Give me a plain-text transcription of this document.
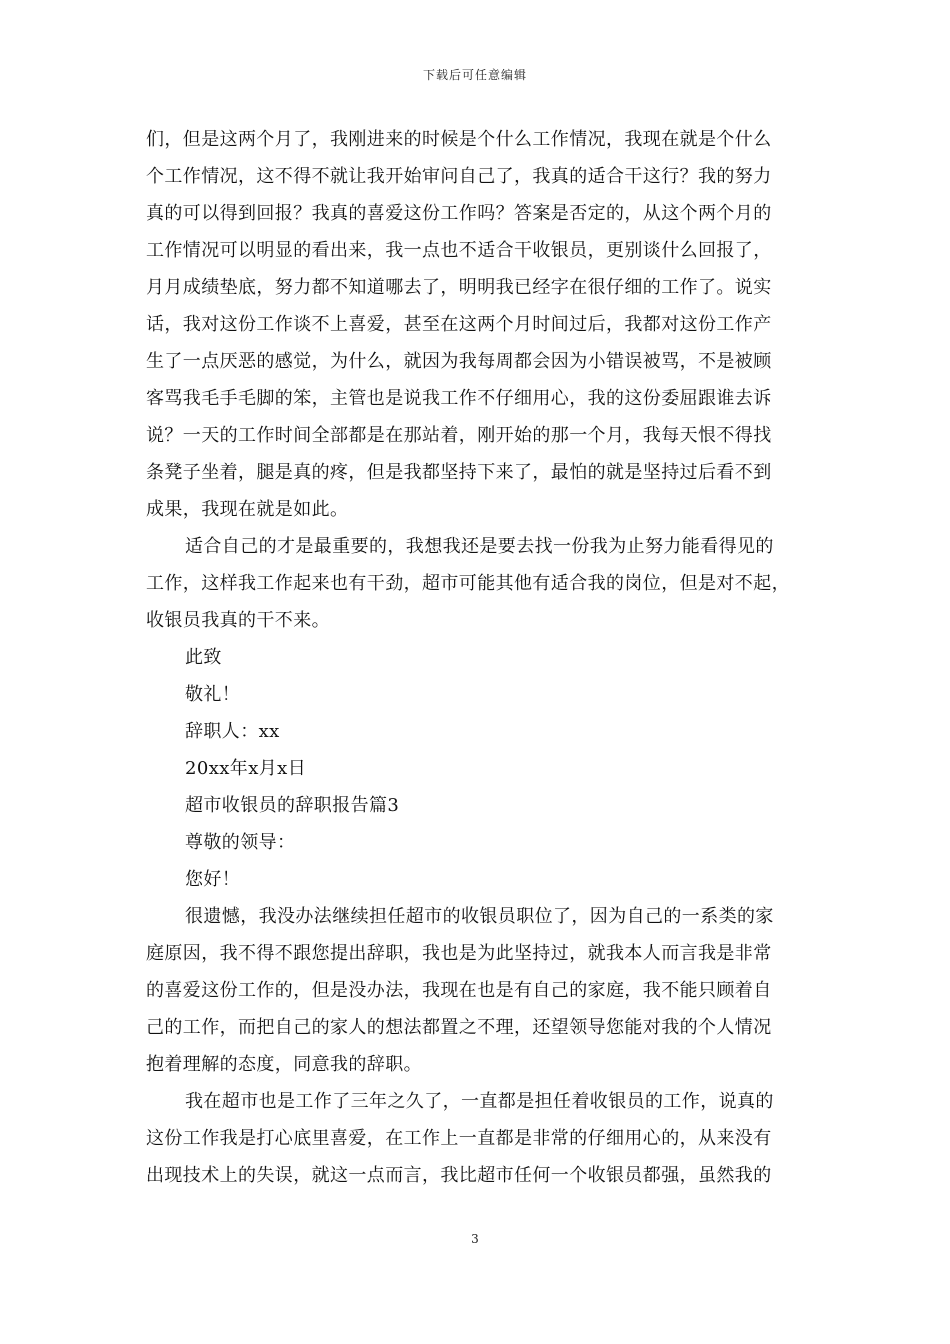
下载后可任意编辑
们，但是这两个月了，我刚进来的时候是个什么工作情况，我现在就是个什么
个工作情况，这不得不就让我开始审问自己了，我真的适合干这行？我的努力
真的可以得到回报？我真的喜爱这份工作吗？答案是否定的，从这个两个月的
工作情况可以明显的看出来，我一点也不适合干收银员，更别谈什么回报了，
月月成绩垫底，努力都不知道哪去了，明明我已经字在很仔细的工作了。说实
话，我对这份工作谈不上喜爱，甚至在这两个月时间过后，我都对这份工作产
生了一点厌恶的感觉，为什么，就因为我每周都会因为小错误被骂，不是被顾
客骂我毛手毛脚的笨，主管也是说我工作不仔细用心，我的这份委屈跟谁去诉
说？一天的工作时间全部都是在那站着，刚开始的那一个月，我每天恨不得找
条凳子坐着，腿是真的疼，但是我都坚持下来了，最怕的就是坚持过后看不到
成果，我现在就是如此。
适合自己的才是最重要的，我想我还是要去找一份我为止努力能看得见的
工作，这样我工作起来也有干劲，超市可能其他有适合我的岗位，但是对不起，
收银员我真的干不来。
此致
敬礼！
辞职人：xx
20xx年x月x日
超市收银员的辞职报告篇3
尊敬的领导：
您好！
很遗憾，我没办法继续担任超市的收银员职位了，因为自己的一系类的家
庭原因，我不得不跟您提出辞职，我也是为此坚持过，就我本人而言我是非常
的喜爱这份工作的，但是没办法，我现在也是有自己的家庭，我不能只顾着自
己的工作，而把自己的家人的想法都置之不理，还望领导您能对我的个人情况
抱着理解的态度，同意我的辞职。
我在超市也是工作了三年之久了，一直都是担任着收银员的工作，说真的
这份工作我是打心底里喜爱，在工作上一直都是非常的仔细用心的，从来没有
出现技术上的失误，就这一点而言，我比超市任何一个收银员都强，虽然我的
3
